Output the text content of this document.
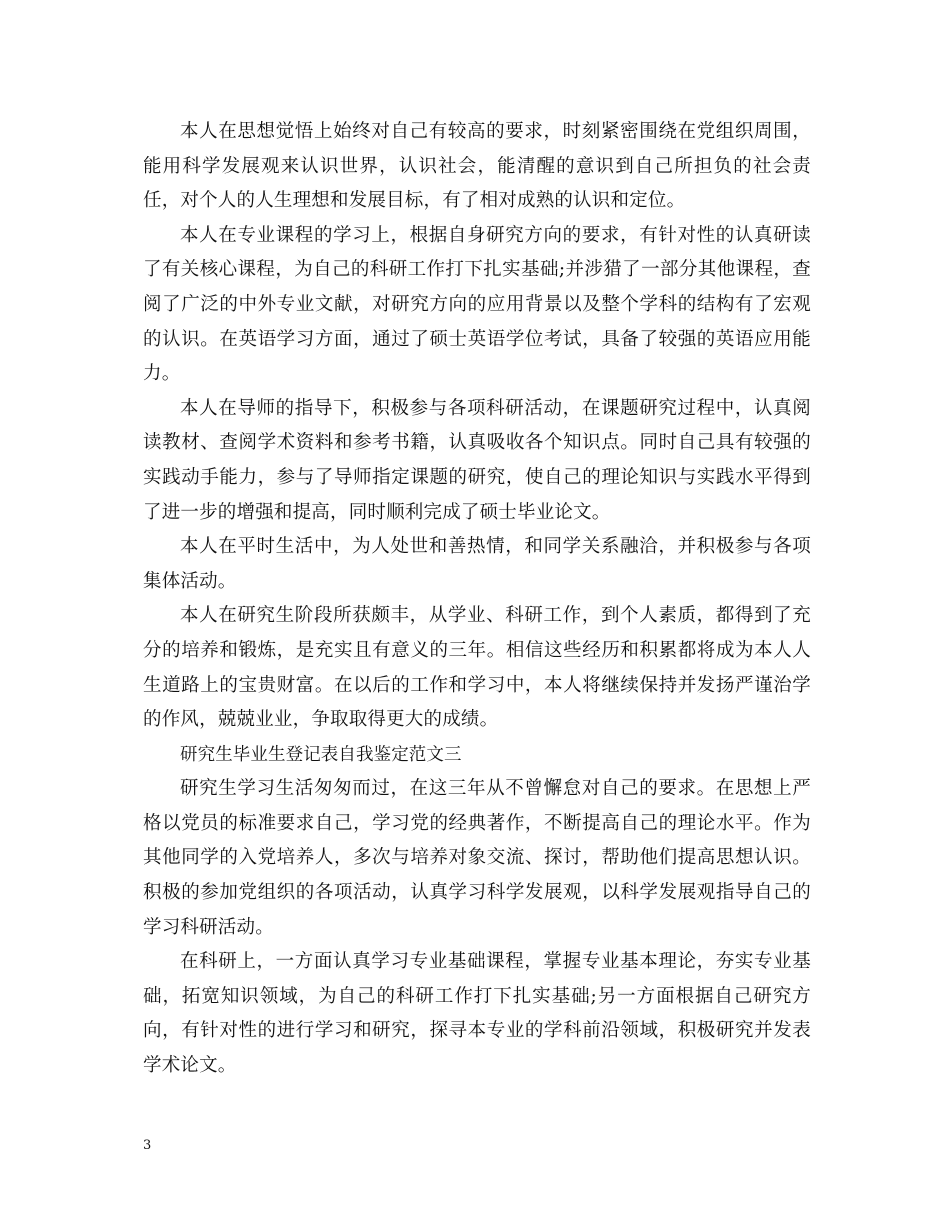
本人在思想觉悟上始终对自己有较高的要求，时刻紧密围绕在党组织周围，能用科学发展观来认识世界，认识社会，能清醒的意识到自己所担负的社会责任，对个人的人生理想和发展目标，有了相对成熟的认识和定位。

本人在专业课程的学习上，根据自身研究方向的要求，有针对性的认真研读了有关核心课程，为自己的科研工作打下扎实基础;并涉猎了一部分其他课程，查阅了广泛的中外专业文献，对研究方向的应用背景以及整个学科的结构有了宏观的认识。在英语学习方面，通过了硕士英语学位考试，具备了较强的英语应用能力。

本人在导师的指导下，积极参与各项科研活动，在课题研究过程中，认真阅读教材、查阅学术资料和参考书籍，认真吸收各个知识点。同时自己具有较强的实践动手能力，参与了导师指定课题的研究，使自己的理论知识与实践水平得到了进一步的增强和提高，同时顺利完成了硕士毕业论文。

本人在平时生活中，为人处世和善热情，和同学关系融洽，并积极参与各项集体活动。

本人在研究生阶段所获颇丰，从学业、科研工作，到个人素质，都得到了充分的培养和锻炼，是充实且有意义的三年。相信这些经历和积累都将成为本人人生道路上的宝贵财富。在以后的工作和学习中，本人将继续保持并发扬严谨治学的作风，兢兢业业，争取取得更大的成绩。

研究生毕业生登记表自我鉴定范文三

研究生学习生活匆匆而过，在这三年从不曾懈怠对自己的要求。在思想上严格以党员的标准要求自己，学习党的经典著作，不断提高自己的理论水平。作为其他同学的入党培养人，多次与培养对象交流、探讨，帮助他们提高思想认识。积极的参加党组织的各项活动，认真学习科学发展观，以科学发展观指导自己的学习科研活动。

在科研上，一方面认真学习专业基础课程，掌握专业基本理论，夯实专业基础，拓宽知识领域，为自己的科研工作打下扎实基础;另一方面根据自己研究方向，有针对性的进行学习和研究，探寻本专业的学科前沿领域，积极研究并发表学术论文。

3
